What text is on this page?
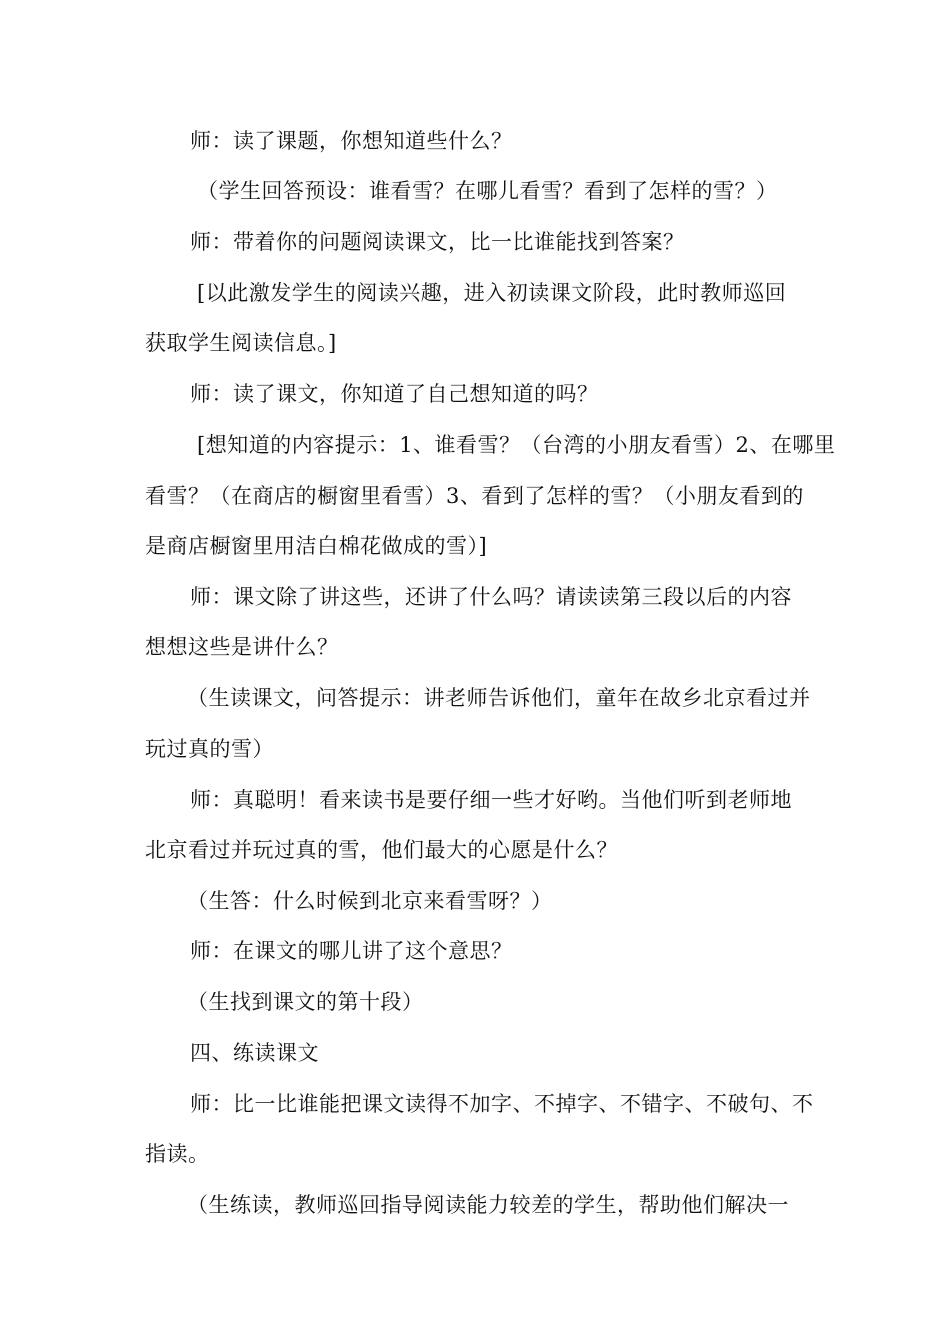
师：读了课题，你想知道些什么？
（学生回答预设：谁看雪？在哪儿看雪？看到了怎样的雪？）
师：带着你的问题阅读课文，比一比谁能找到答案？
[以此激发学生的阅读兴趣，进入初读课文阶段，此时教师巡回
获取学生阅读信息。]
师：读了课文，你知道了自己想知道的吗？
[想知道的内容提示：1、谁看雪？（台湾的小朋友看雪）2、在哪里
看雪？（在商店的橱窗里看雪）3、看到了怎样的雪？（小朋友看到的
是商店橱窗里用洁白棉花做成的雪）]
师：课文除了讲这些，还讲了什么吗？请读读第三段以后的内容
想想这些是讲什么？
（生读课文，问答提示：讲老师告诉他们，童年在故乡北京看过并
玩过真的雪）
师：真聪明！看来读书是要仔细一些才好哟。当他们听到老师地
北京看过并玩过真的雪，他们最大的心愿是什么？
（生答：什么时候到北京来看雪呀？）
师：在课文的哪儿讲了这个意思？
（生找到课文的第十段）
四、练读课文
师：比一比谁能把课文读得不加字、不掉字、不错字、不破句、不
指读。
（生练读，教师巡回指导阅读能力较差的学生，帮助他们解决一
